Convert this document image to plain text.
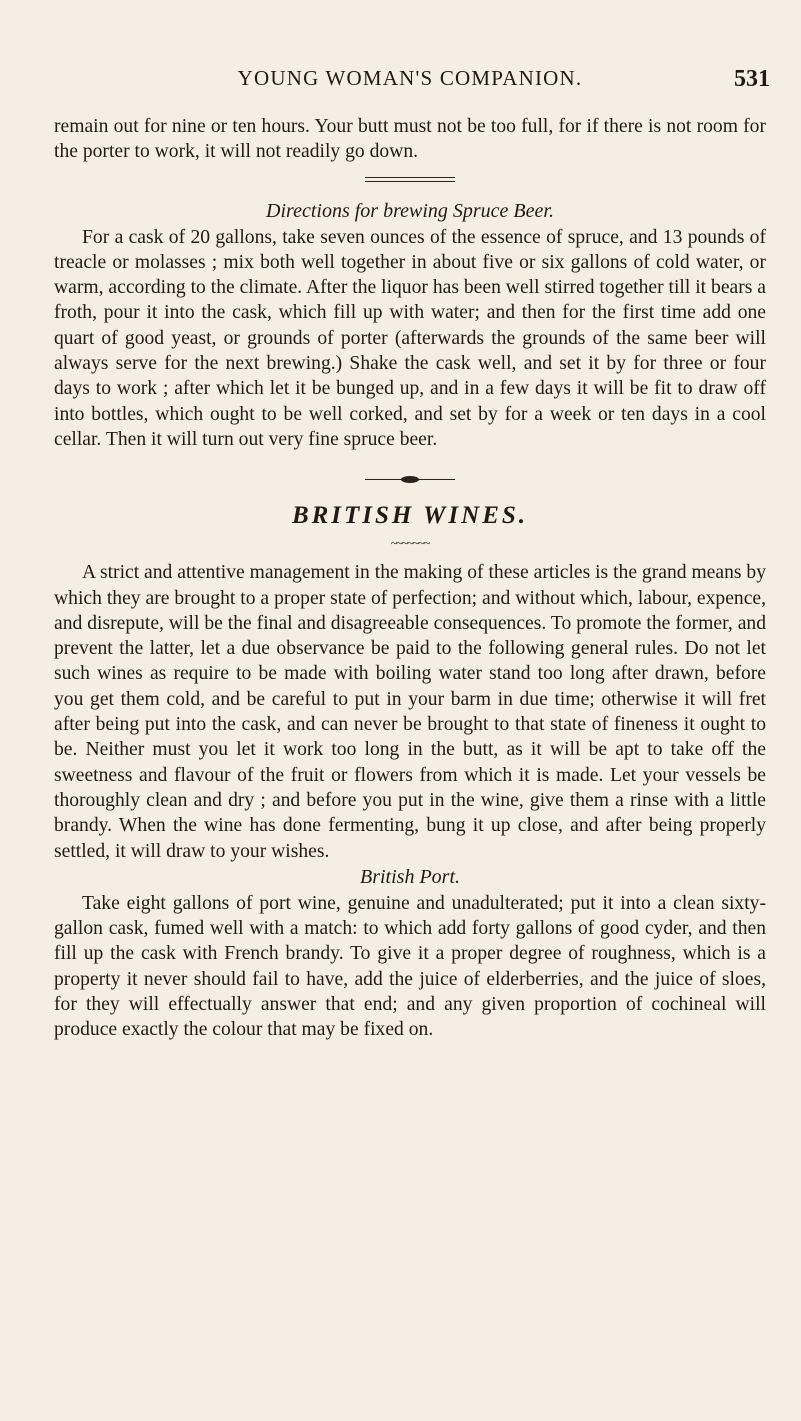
YOUNG WOMAN'S COMPANION.	531

remain out for nine or ten hours. Your butt must not be too full, for if there is not room for the porter to work, it will not readily go down.

Directions for brewing Spruce Beer.

For a cask of 20 gallons, take seven ounces of the essence of spruce, and 13 pounds of treacle or molasses ; mix both well together in about five or six gallons of cold water, or warm, according to the climate. After the liquor has been well stirred together till it bears a froth, pour it into the cask, which fill up with water; and then for the first time add one quart of good yeast, or grounds of porter (afterwards the grounds of the same beer will always serve for the next brewing.) Shake the cask well, and set it by for three or four days to work ; after which let it be bunged up, and in a few days it will be fit to draw off into bottles, which ought to be well corked, and set by for a week or ten days in a cool cellar. Then it will turn out very fine spruce beer.

BRITISH WINES.
~~~~~~~

A strict and attentive management in the making of these articles is the grand means by which they are brought to a proper state of perfection; and without which, labour, expence, and disrepute, will be the final and disagreeable consequences. To promote the former, and prevent the latter, let a due observance be paid to the following general rules. Do not let such wines as require to be made with boiling water stand too long after drawn, before you get them cold, and be careful to put in your barm in due time; otherwise it will fret after being put into the cask, and can never be brought to that state of fineness it ought to be. Neither must you let it work too long in the butt, as it will be apt to take off the sweetness and flavour of the fruit or flowers from which it is made. Let your vessels be thoroughly clean and dry ; and before you put in the wine, give them a rinse with a little brandy. When the wine has done fermenting, bung it up close, and after being properly settled, it will draw to your wishes.

British Port.

Take eight gallons of port wine, genuine and unadulterated; put it into a clean sixty-gallon cask, fumed well with a match: to which add forty gallons of good cyder, and then fill up the cask with French brandy. To give it a proper degree of roughness, which is a property it never should fail to have, add the juice of elderberries, and the juice of sloes, for they will effectually answer that end; and any given proportion of cochineal will produce exactly the colour that may be fixed on.
